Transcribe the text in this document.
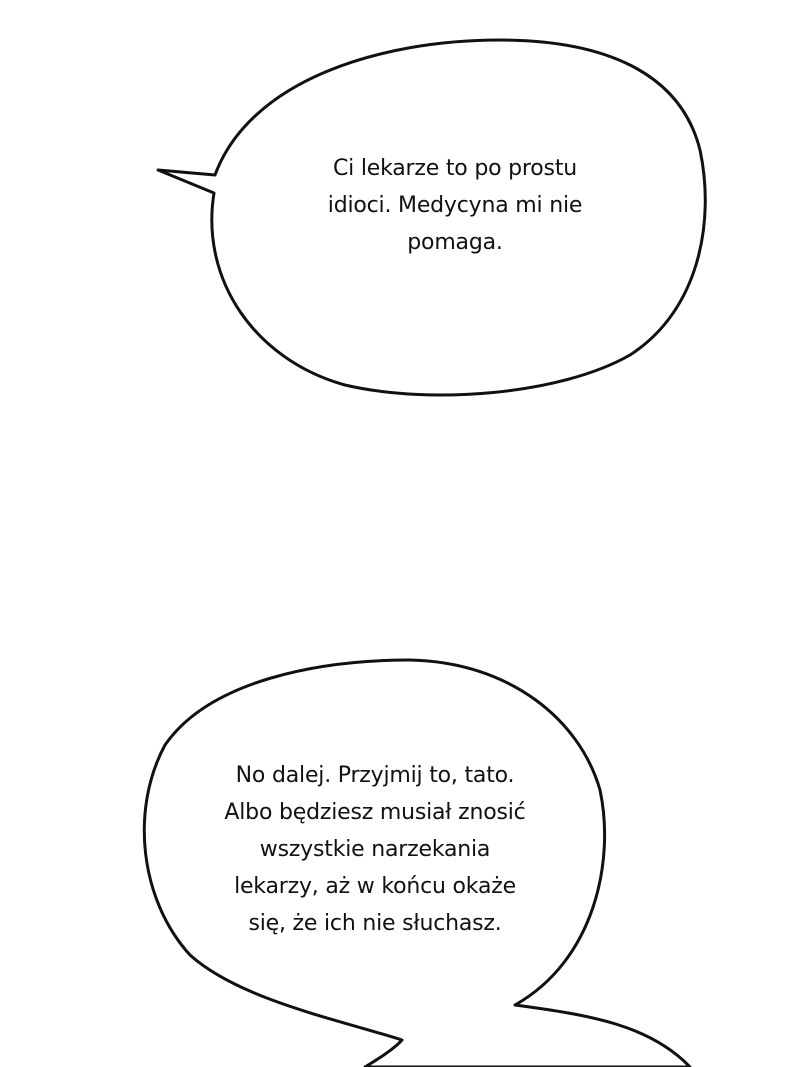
Ci lekarze to po prostu
idioci. Medycyna mi nie
pomaga.
No dalej. Przyjmij to, tato.
Albo będziesz musiał znosić
wszystkie narzekania
lekarzy, aż w końcu okaże
się, że ich nie słuchasz.
